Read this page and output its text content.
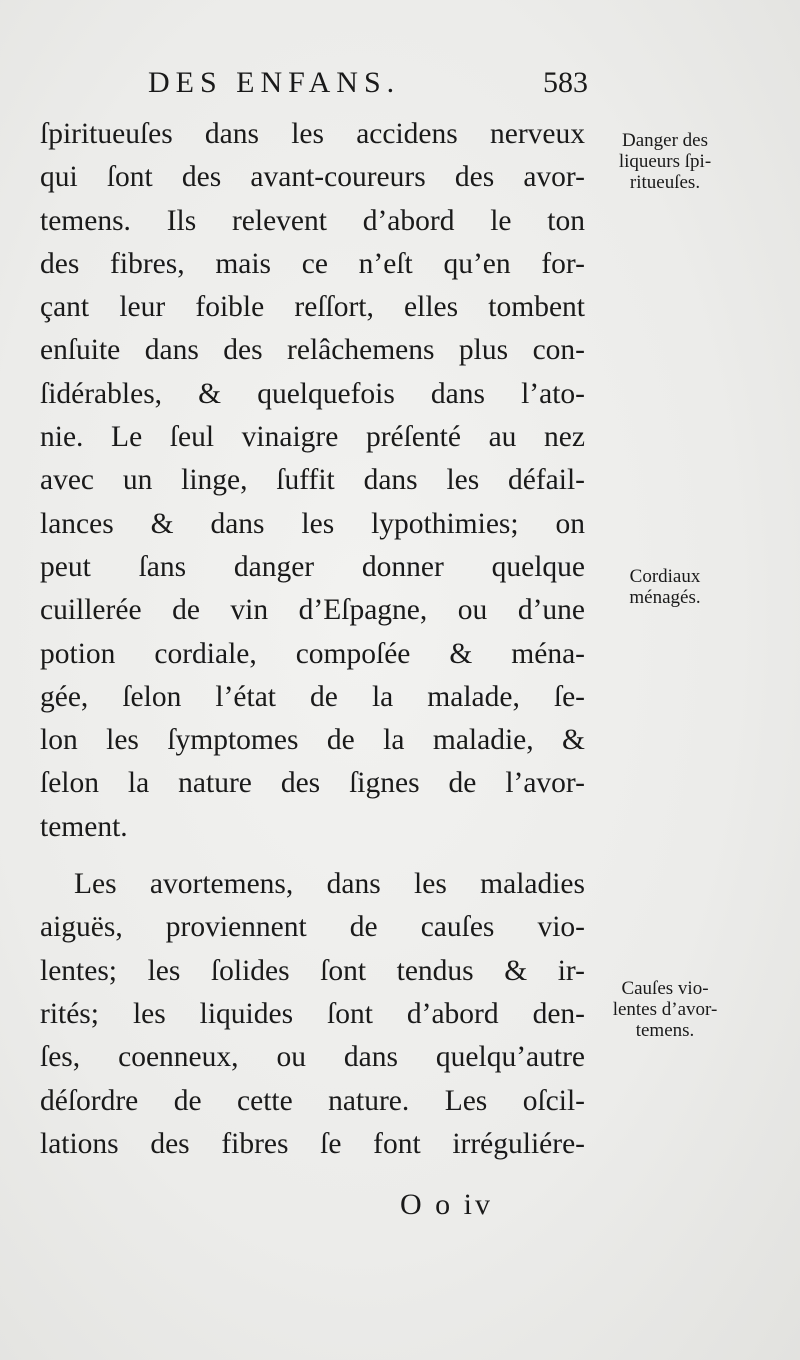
DES ENFANS.	583
ſpiritueuſes dans les accidens nerveux
qui ſont des avant-coureurs des avor-
temens. Ils relevent d’abord le ton
des fibres, mais ce n’eſt qu’en for-
çant leur foible reſſort, elles tombent
enſuite dans des relâchemens plus con-
ſidérables, & quelquefois dans l’ato-
nie. Le ſeul vinaigre préſenté au nez
avec un linge, ſuffit dans les défail-
lances & dans les lypothimies; on
peut ſans danger donner quelque
cuillerée de vin d’Eſpagne, ou d’une
potion cordiale, compoſée & ména-
gée, ſelon l’état de la malade, ſe-
lon les ſymptomes de la maladie, &
ſelon la nature des ſignes de l’avor-
tement.
Les avortemens, dans les maladies
aiguës, proviennent de cauſes vio-
lentes; les ſolides ſont tendus & ir-
rités; les liquides ſont d’abord den-
ſes, coenneux, ou dans quelqu’autre
déſordre de cette nature. Les oſcil-
lations des fibres ſe font irréguliére-
Danger des
liqueurs ſpi-
ritueuſes.
Cordiaux
ménagés.
Cauſes vio-
lentes d’avor-
temens.
O o iv
